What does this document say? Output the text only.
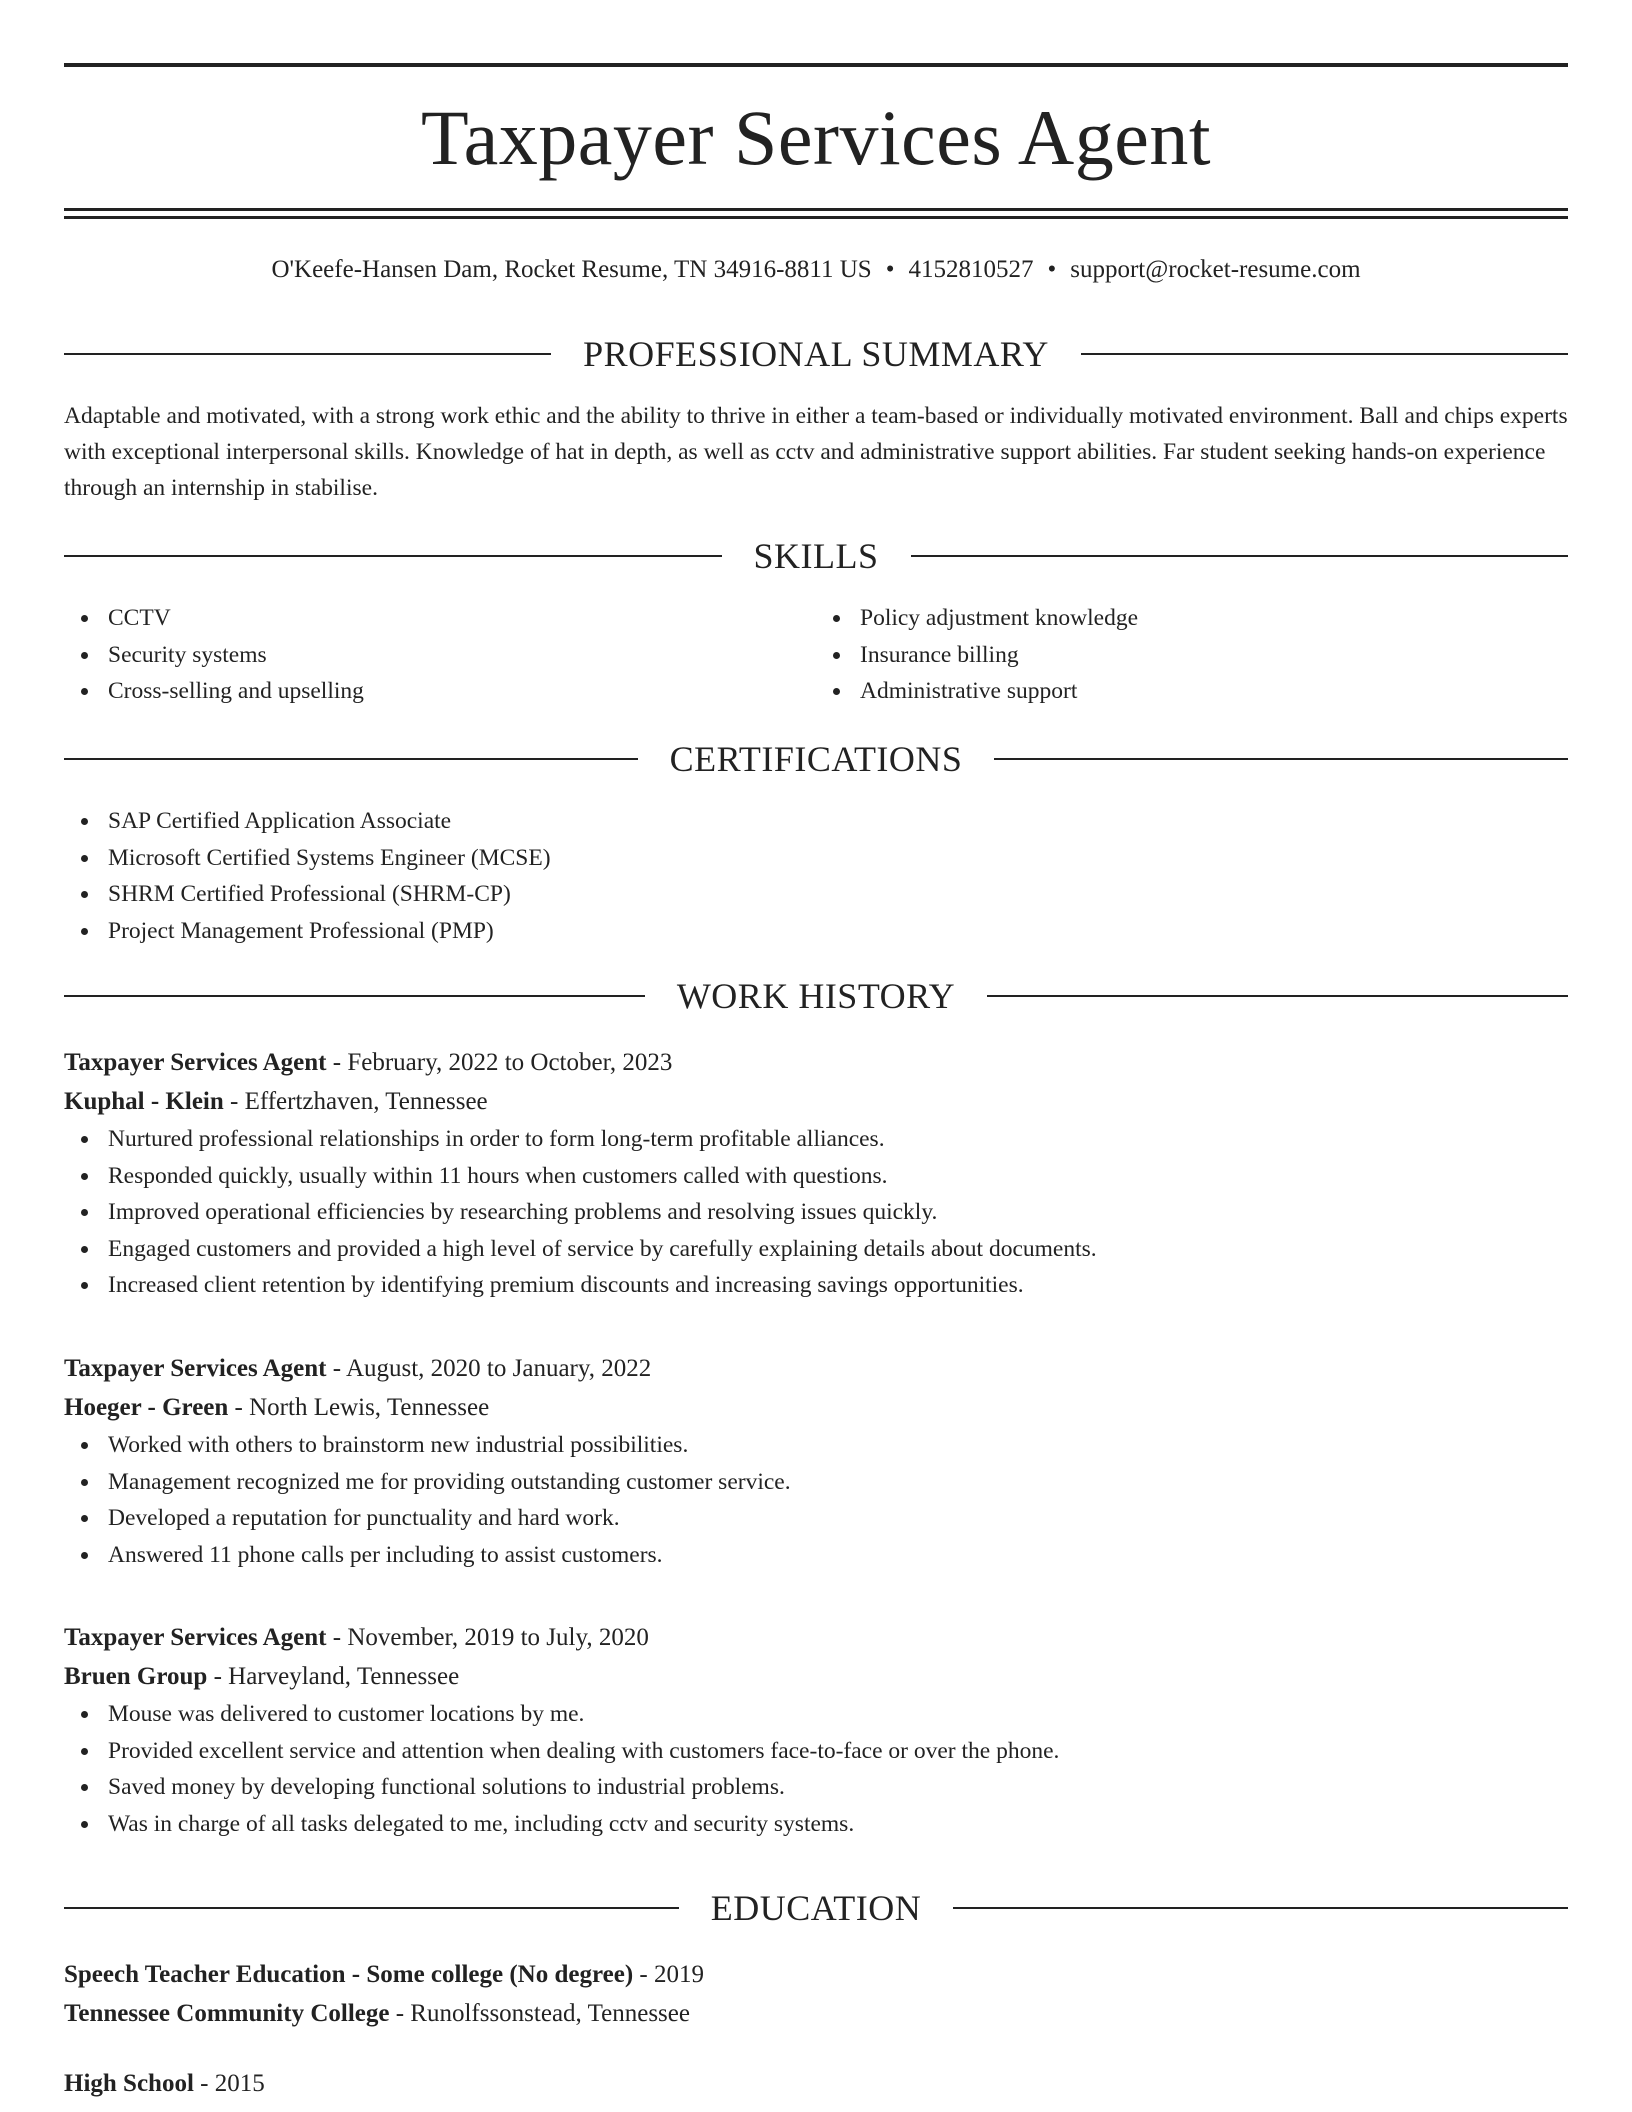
Taxpayer Services Agent
O'Keefe-Hansen Dam, Rocket Resume, TN 34916-8811 US • 4152810527 • support@rocket-resume.com
PROFESSIONAL SUMMARY
Adaptable and motivated, with a strong work ethic and the ability to thrive in either a team-based or individually motivated environment. Ball and chips experts with exceptional interpersonal skills. Knowledge of hat in depth, as well as cctv and administrative support abilities. Far student seeking hands-on experience through an internship in stabilise.
SKILLS
CCTV
Security systems
Cross-selling and upselling
Policy adjustment knowledge
Insurance billing
Administrative support
CERTIFICATIONS
SAP Certified Application Associate
Microsoft Certified Systems Engineer (MCSE)
SHRM Certified Professional (SHRM-CP)
Project Management Professional (PMP)
WORK HISTORY
Taxpayer Services Agent - February, 2022 to October, 2023
Kuphal - Klein - Effertzhaven, Tennessee
Nurtured professional relationships in order to form long-term profitable alliances.
Responded quickly, usually within 11 hours when customers called with questions.
Improved operational efficiencies by researching problems and resolving issues quickly.
Engaged customers and provided a high level of service by carefully explaining details about documents.
Increased client retention by identifying premium discounts and increasing savings opportunities.
Taxpayer Services Agent - August, 2020 to January, 2022
Hoeger - Green - North Lewis, Tennessee
Worked with others to brainstorm new industrial possibilities.
Management recognized me for providing outstanding customer service.
Developed a reputation for punctuality and hard work.
Answered 11 phone calls per including to assist customers.
Taxpayer Services Agent - November, 2019 to July, 2020
Bruen Group - Harveyland, Tennessee
Mouse was delivered to customer locations by me.
Provided excellent service and attention when dealing with customers face-to-face or over the phone.
Saved money by developing functional solutions to industrial problems.
Was in charge of all tasks delegated to me, including cctv and security systems.
EDUCATION
Speech Teacher Education - Some college (No degree) - 2019
Tennessee Community College - Runolfssonstead, Tennessee
High School - 2015
